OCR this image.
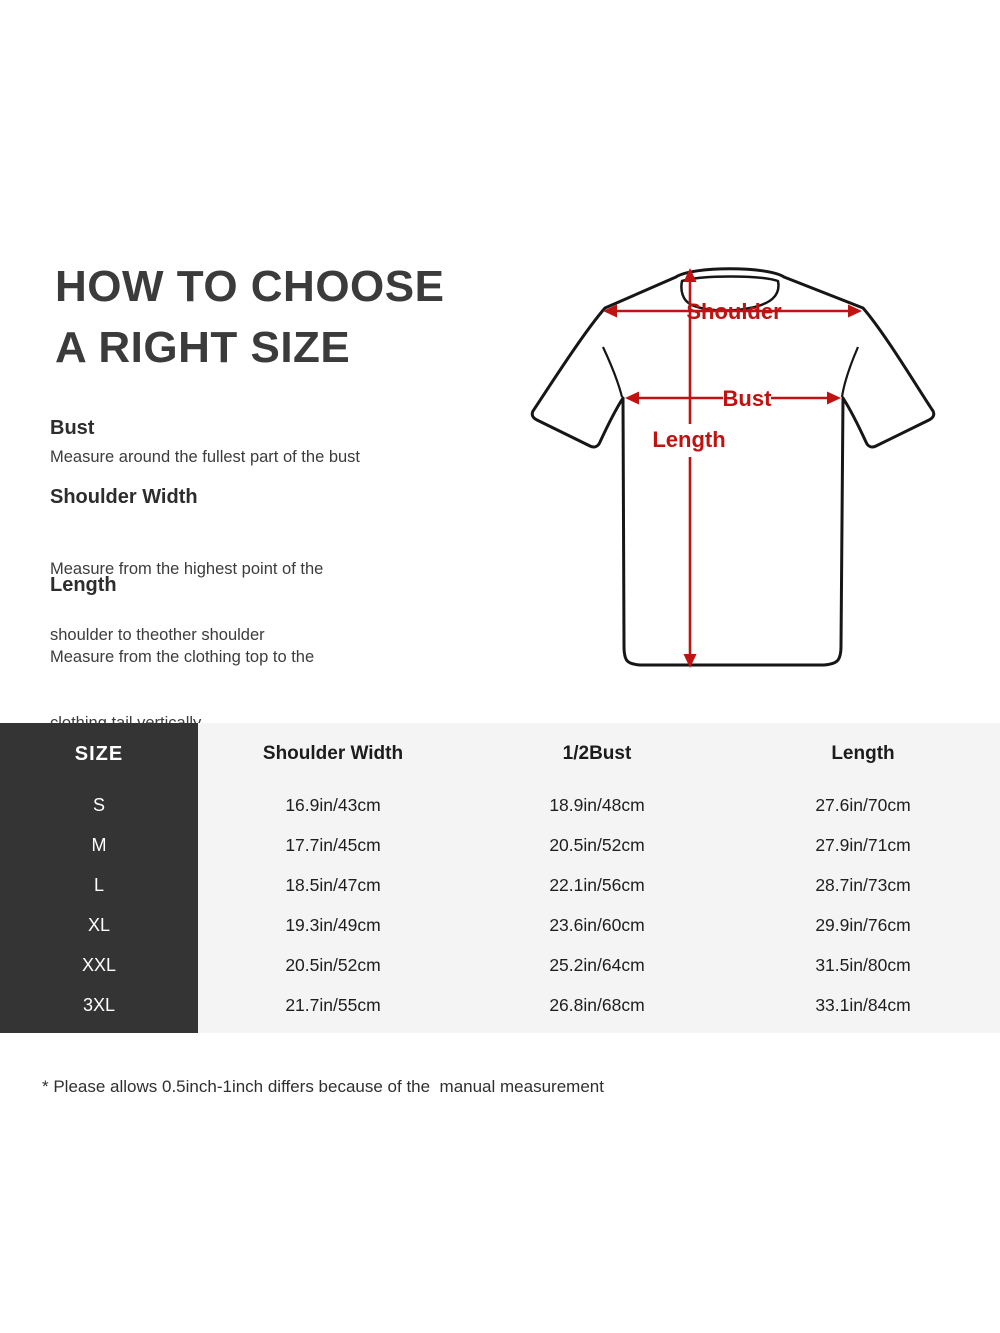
HOW TO CHOOSE
A RIGHT SIZE
Bust
Measure around the fullest part of the bust
Shoulder Width

Measure from the highest point of the

shoulder to theother shoulder

Length

Measure from the clothing top to the

Shoulder
Bust
Length
SIZE	Shoulder Width	1/2Bust	Length
S	16.9in/43cm	18.9in/48cm	27.6in/70cm
M	17.7in/45cm	20.5in/52cm	27.9in/71cm
L	18.5in/47cm	22.1in/56cm	28.7in/73cm
XL	19.3in/49cm	23.6in/60cm	29.9in/76cm
XXL	20.5in/52cm	25.2in/64cm	31.5in/80cm
3XL	21.7in/55cm	26.8in/68cm	33.1in/84cm
* Please allows 0.5inch-1inch differs because of the  manual measurement
